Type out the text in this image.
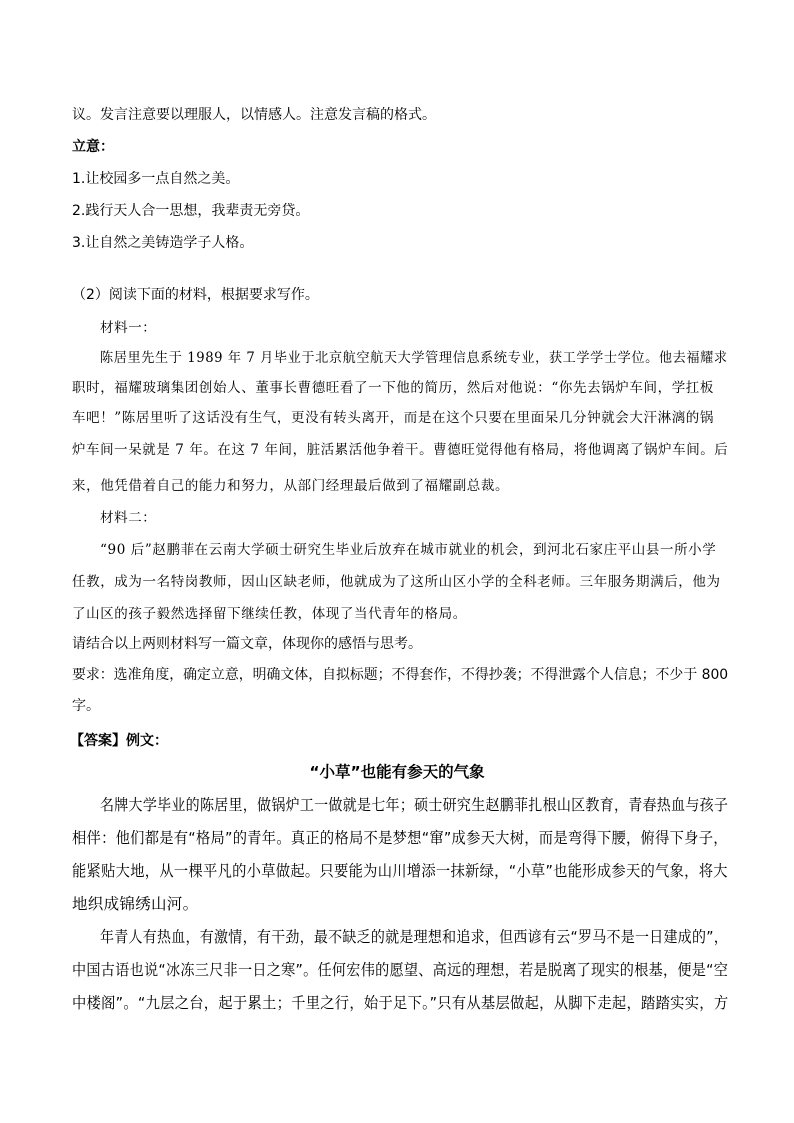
议。发言注意要以理服人，以情感人。注意发言稿的格式。
立意：
1.让校园多一点自然之美。
2.践行天人合一思想，我辈责无旁贷。
3.让自然之美铸造学子人格。
（2）阅读下面的材料，根据要求写作。
材料一：
陈居里先生于 1989 年 7 月毕业于北京航空航天大学管理信息系统专业，获工学学士学位。他去福耀求
职时，福耀玻璃集团创始人、董事长曹德旺看了一下他的简历，然后对他说：“你先去锅炉车间，学扛板
车吧！”陈居里听了这话没有生气，更没有转头离开，而是在这个只要在里面呆几分钟就会大汗淋漓的锅
炉车间一呆就是 7 年。在这 7 年间，脏活累活他争着干。曹德旺觉得他有格局，将他调离了锅炉车间。后
来，他凭借着自己的能力和努力，从部门经理最后做到了福耀副总裁。
材料二：
“90 后”赵鹏菲在云南大学硕士研究生毕业后放弃在城市就业的机会，到河北石家庄平山县一所小学
任教，成为一名特岗教师，因山区缺老师，他就成为了这所山区小学的全科老师。三年服务期满后，他为
了山区的孩子毅然选择留下继续任教，体现了当代青年的格局。
请结合以上两则材料写一篇文章，体现你的感悟与思考。
要求：选准角度，确定立意，明确文体，自拟标题；不得套作，不得抄袭；不得泄露个人信息；不少于 800
字。
【答案】例文：
“小草”也能有参天的气象
名牌大学毕业的陈居里，做锅炉工一做就是七年；硕士研究生赵鹏菲扎根山区教育，青春热血与孩子
相伴：他们都是有“格局”的青年。真正的格局不是梦想“窜”成参天大树，而是弯得下腰，俯得下身子，
能紧贴大地，从一棵平凡的小草做起。只要能为山川增添一抹新绿，“小草”也能形成参天的气象，将大
地织成锦绣山河。
年青人有热血，有激情，有干劲，最不缺乏的就是理想和追求，但西谚有云“罗马不是一日建成的”，
中国古语也说“冰冻三尺非一日之寒”。任何宏伟的愿望、高远的理想，若是脱离了现实的根基，便是“空
中楼阁”。“九层之台，起于累土；千里之行，始于足下。”只有从基层做起，从脚下走起，踏踏实实，方
